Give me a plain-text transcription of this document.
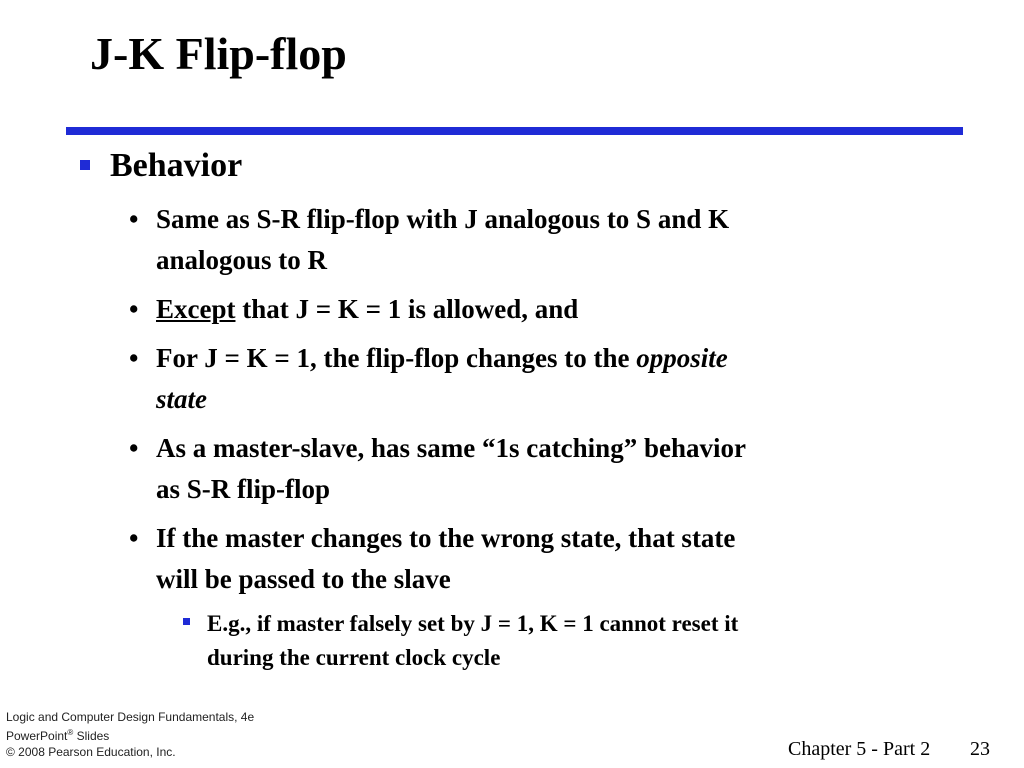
J-K Flip-flop
Behavior
• Same as S-R flip-flop with J analogous to S and K
analogous to R
• Except that J = K = 1 is allowed, and
• For J = K = 1, the flip-flop changes to the opposite
state
• As a master-slave, has same “1s catching” behavior
as S-R flip-flop
• If the master changes to the wrong state, that state
will be passed to the slave
E.g., if master falsely set by J = 1, K = 1 cannot reset it
during the current clock cycle
Logic and Computer Design Fundamentals, 4e
PowerPoint® Slides
© 2008 Pearson Education, Inc.	Chapter 5 - Part 2 23
